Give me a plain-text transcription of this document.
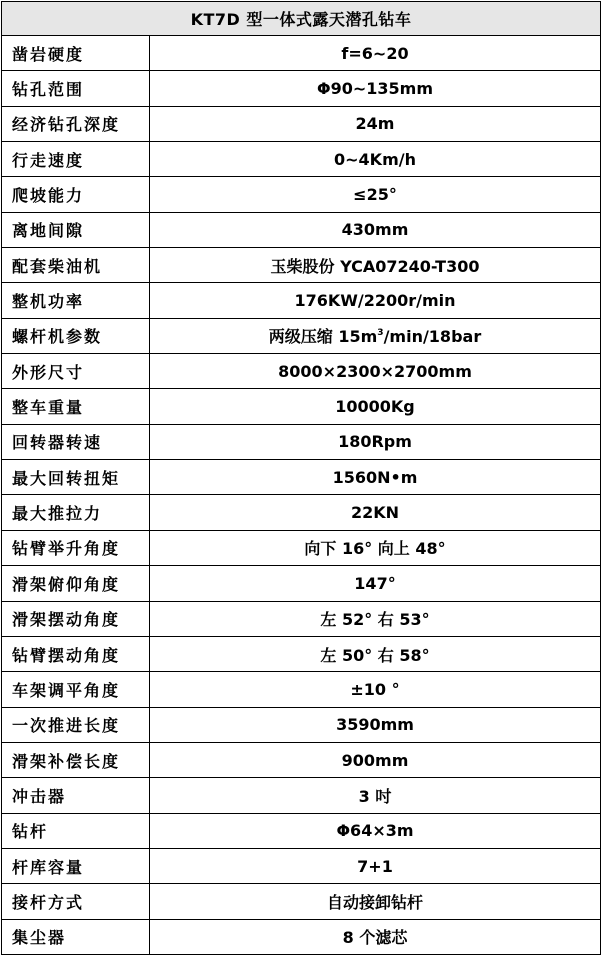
KT7D 型一体式露天潜孔钻车	
凿岩硬度	f=6~20
钻孔范围	Φ90~135mm
经济钻孔深度	24m
行走速度	0~4Km/h
爬坡能力	≤25°
离地间隙	430mm
配套柴油机	玉柴股份 YCA07240-T300
整机功率	176KW/2200r/min
螺杆机参数	两级压缩 $15m^3/\min/18bar$
外形尺寸	8000×2300×2700mm
整车重量	10000Kg
回转器转速	180Rpm
最大回转扭矩	1560N•m
最大推拉力	22KN
钻臂举升角度	向下 16° 向上 48°
滑架俯仰角度	147°
滑架摆动角度	左 52° 右 53°
钻臂摆动角度	左 50° 右 58°
车架调平角度	±10 °
一次推进长度	3590mm
滑架补偿长度	900mm
冲击器	3 吋
钻杆	Φ64×3m
杆库容量	7+1
接杆方式	自动接卸钻杆
集尘器	8 个滤芯
